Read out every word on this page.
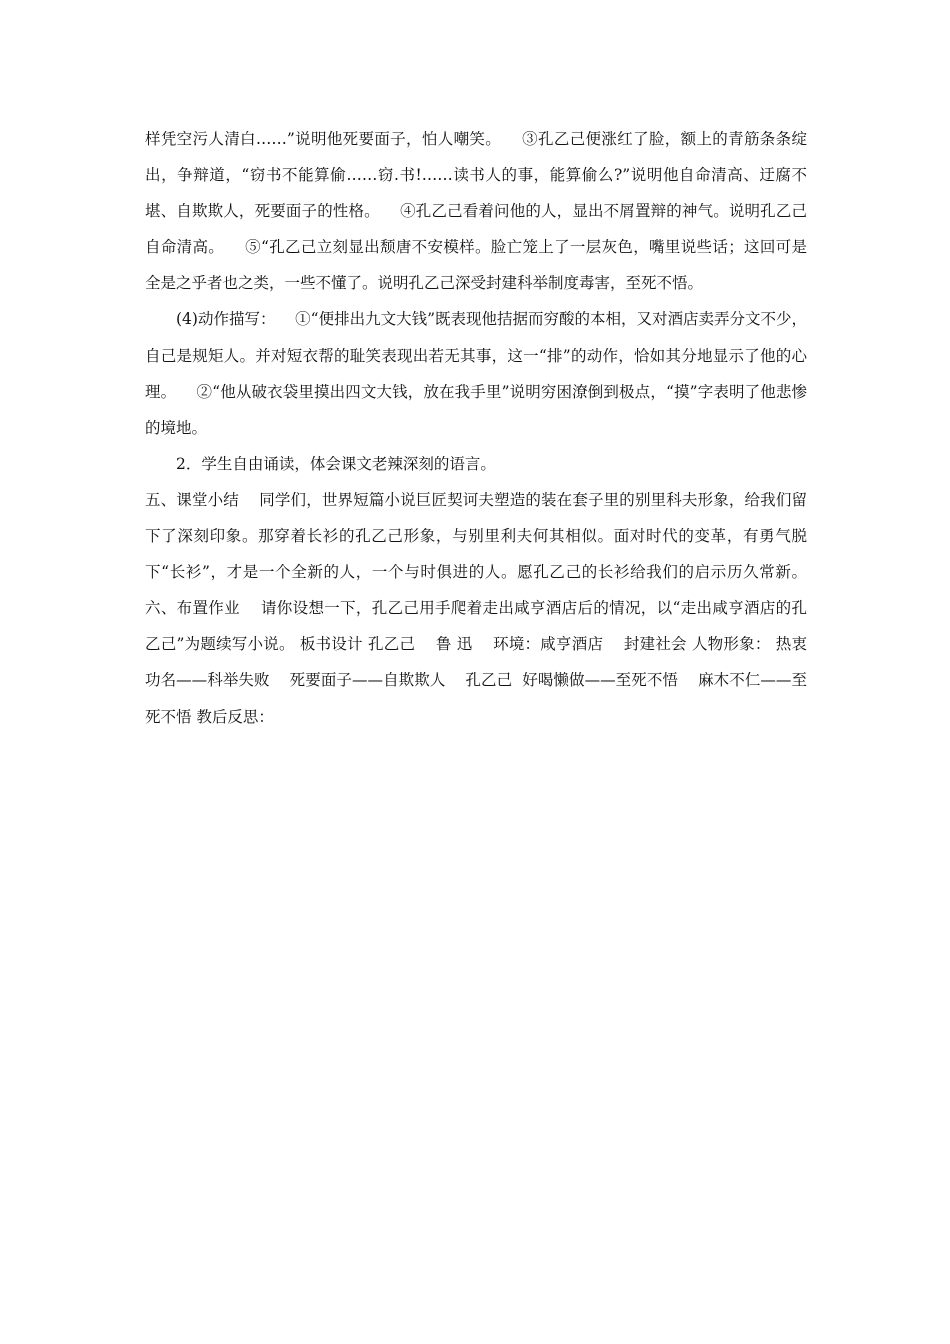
样凭空污人清白……”说明他死要面子，怕人嘲笑。    ③孔乙己便涨红了脸，额上的青筋条条绽出，争辩道，“窃书不能算偷……窃.书!……读书人的事，能算偷么?”说明他自命清高、迂腐不堪、自欺欺人，死要面子的性格。    ④孔乙己看着问他的人，显出不屑置辩的神气。说明孔乙己自命清高。    ⑤“孔乙己立刻显出颓唐不安模样。脸亡笼上了一层灰色，嘴里说些话；这回可是全是之乎者也之类，一些不懂了。说明孔乙己深受封建科举制度毒害，至死不悟。

(4)动作描写：    ①“便排出九文大钱”既表现他拮据而穷酸的本相，又对酒店卖弄分文不少，自己是规矩人。并对短衣帮的耻笑表现出若无其事，这一“排”的动作，恰如其分地显示了他的心理。    ②“他从破衣袋里摸出四文大钱，放在我手里”说明穷困潦倒到极点，“摸”字表明了他悲惨的境地。

2．学生自由诵读，体会课文老辣深刻的语言。

五、课堂小结    同学们，世界短篇小说巨匠契诃夫塑造的装在套子里的别里科夫形象，给我们留下了深刻印象。那穿着长衫的孔乙己形象，与别里利夫何其相似。面对时代的变革，有勇气脱下“长衫”，才是一个全新的人，一个与时俱进的人。愿孔乙己的长衫给我们的启示历久常新。    六、布置作业    请你设想一下，孔乙己用手爬着走出咸亨酒店后的情况，以“走出咸亨酒店的孔乙己”为题续写小说。 板书设计 孔乙己    鲁 迅    环境：咸亨酒店    封建社会 人物形象： 热衷功名——科举失败    死要面子——自欺欺人    孔乙己  好喝懒做——至死不悟    麻木不仁——至死不悟 教后反思：
